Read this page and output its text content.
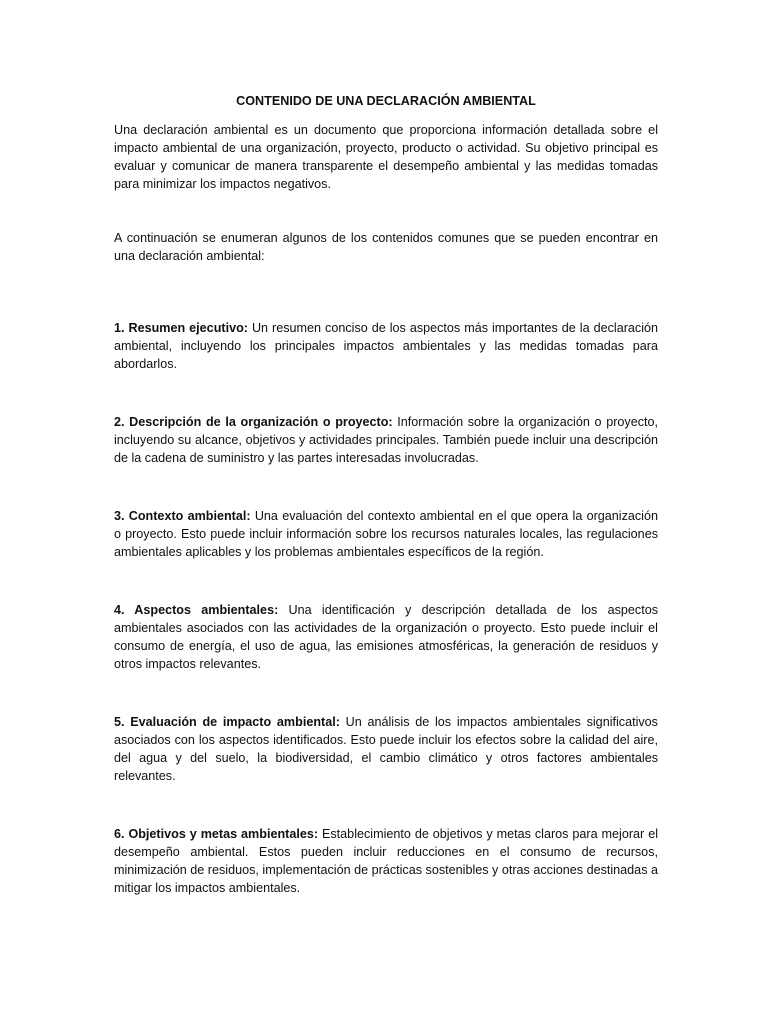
CONTENIDO DE UNA DECLARACIÓN AMBIENTAL

Una declaración ambiental es un documento que proporciona información detallada sobre el impacto ambiental de una organización, proyecto, producto o actividad. Su objetivo principal es evaluar y comunicar de manera transparente el desempeño ambiental y las medidas tomadas para minimizar los impactos negativos.

A continuación se enumeran algunos de los contenidos comunes que se pueden encontrar en una declaración ambiental:

1. Resumen ejecutivo: Un resumen conciso de los aspectos más importantes de la declaración ambiental, incluyendo los principales impactos ambientales y las medidas tomadas para abordarlos.

2. Descripción de la organización o proyecto: Información sobre la organización o proyecto, incluyendo su alcance, objetivos y actividades principales. También puede incluir una descripción de la cadena de suministro y las partes interesadas involucradas.

3. Contexto ambiental: Una evaluación del contexto ambiental en el que opera la organización o proyecto. Esto puede incluir información sobre los recursos naturales locales, las regulaciones ambientales aplicables y los problemas ambientales específicos de la región.

4. Aspectos ambientales: Una identificación y descripción detallada de los aspectos ambientales asociados con las actividades de la organización o proyecto. Esto puede incluir el consumo de energía, el uso de agua, las emisiones atmosféricas, la generación de residuos y otros impactos relevantes.

5. Evaluación de impacto ambiental: Un análisis de los impactos ambientales significativos asociados con los aspectos identificados. Esto puede incluir los efectos sobre la calidad del aire, del agua y del suelo, la biodiversidad, el cambio climático y otros factores ambientales relevantes.

6. Objetivos y metas ambientales: Establecimiento de objetivos y metas claros para mejorar el desempeño ambiental. Estos pueden incluir reducciones en el consumo de recursos, minimización de residuos, implementación de prácticas sostenibles y otras acciones destinadas a mitigar los impactos ambientales.
